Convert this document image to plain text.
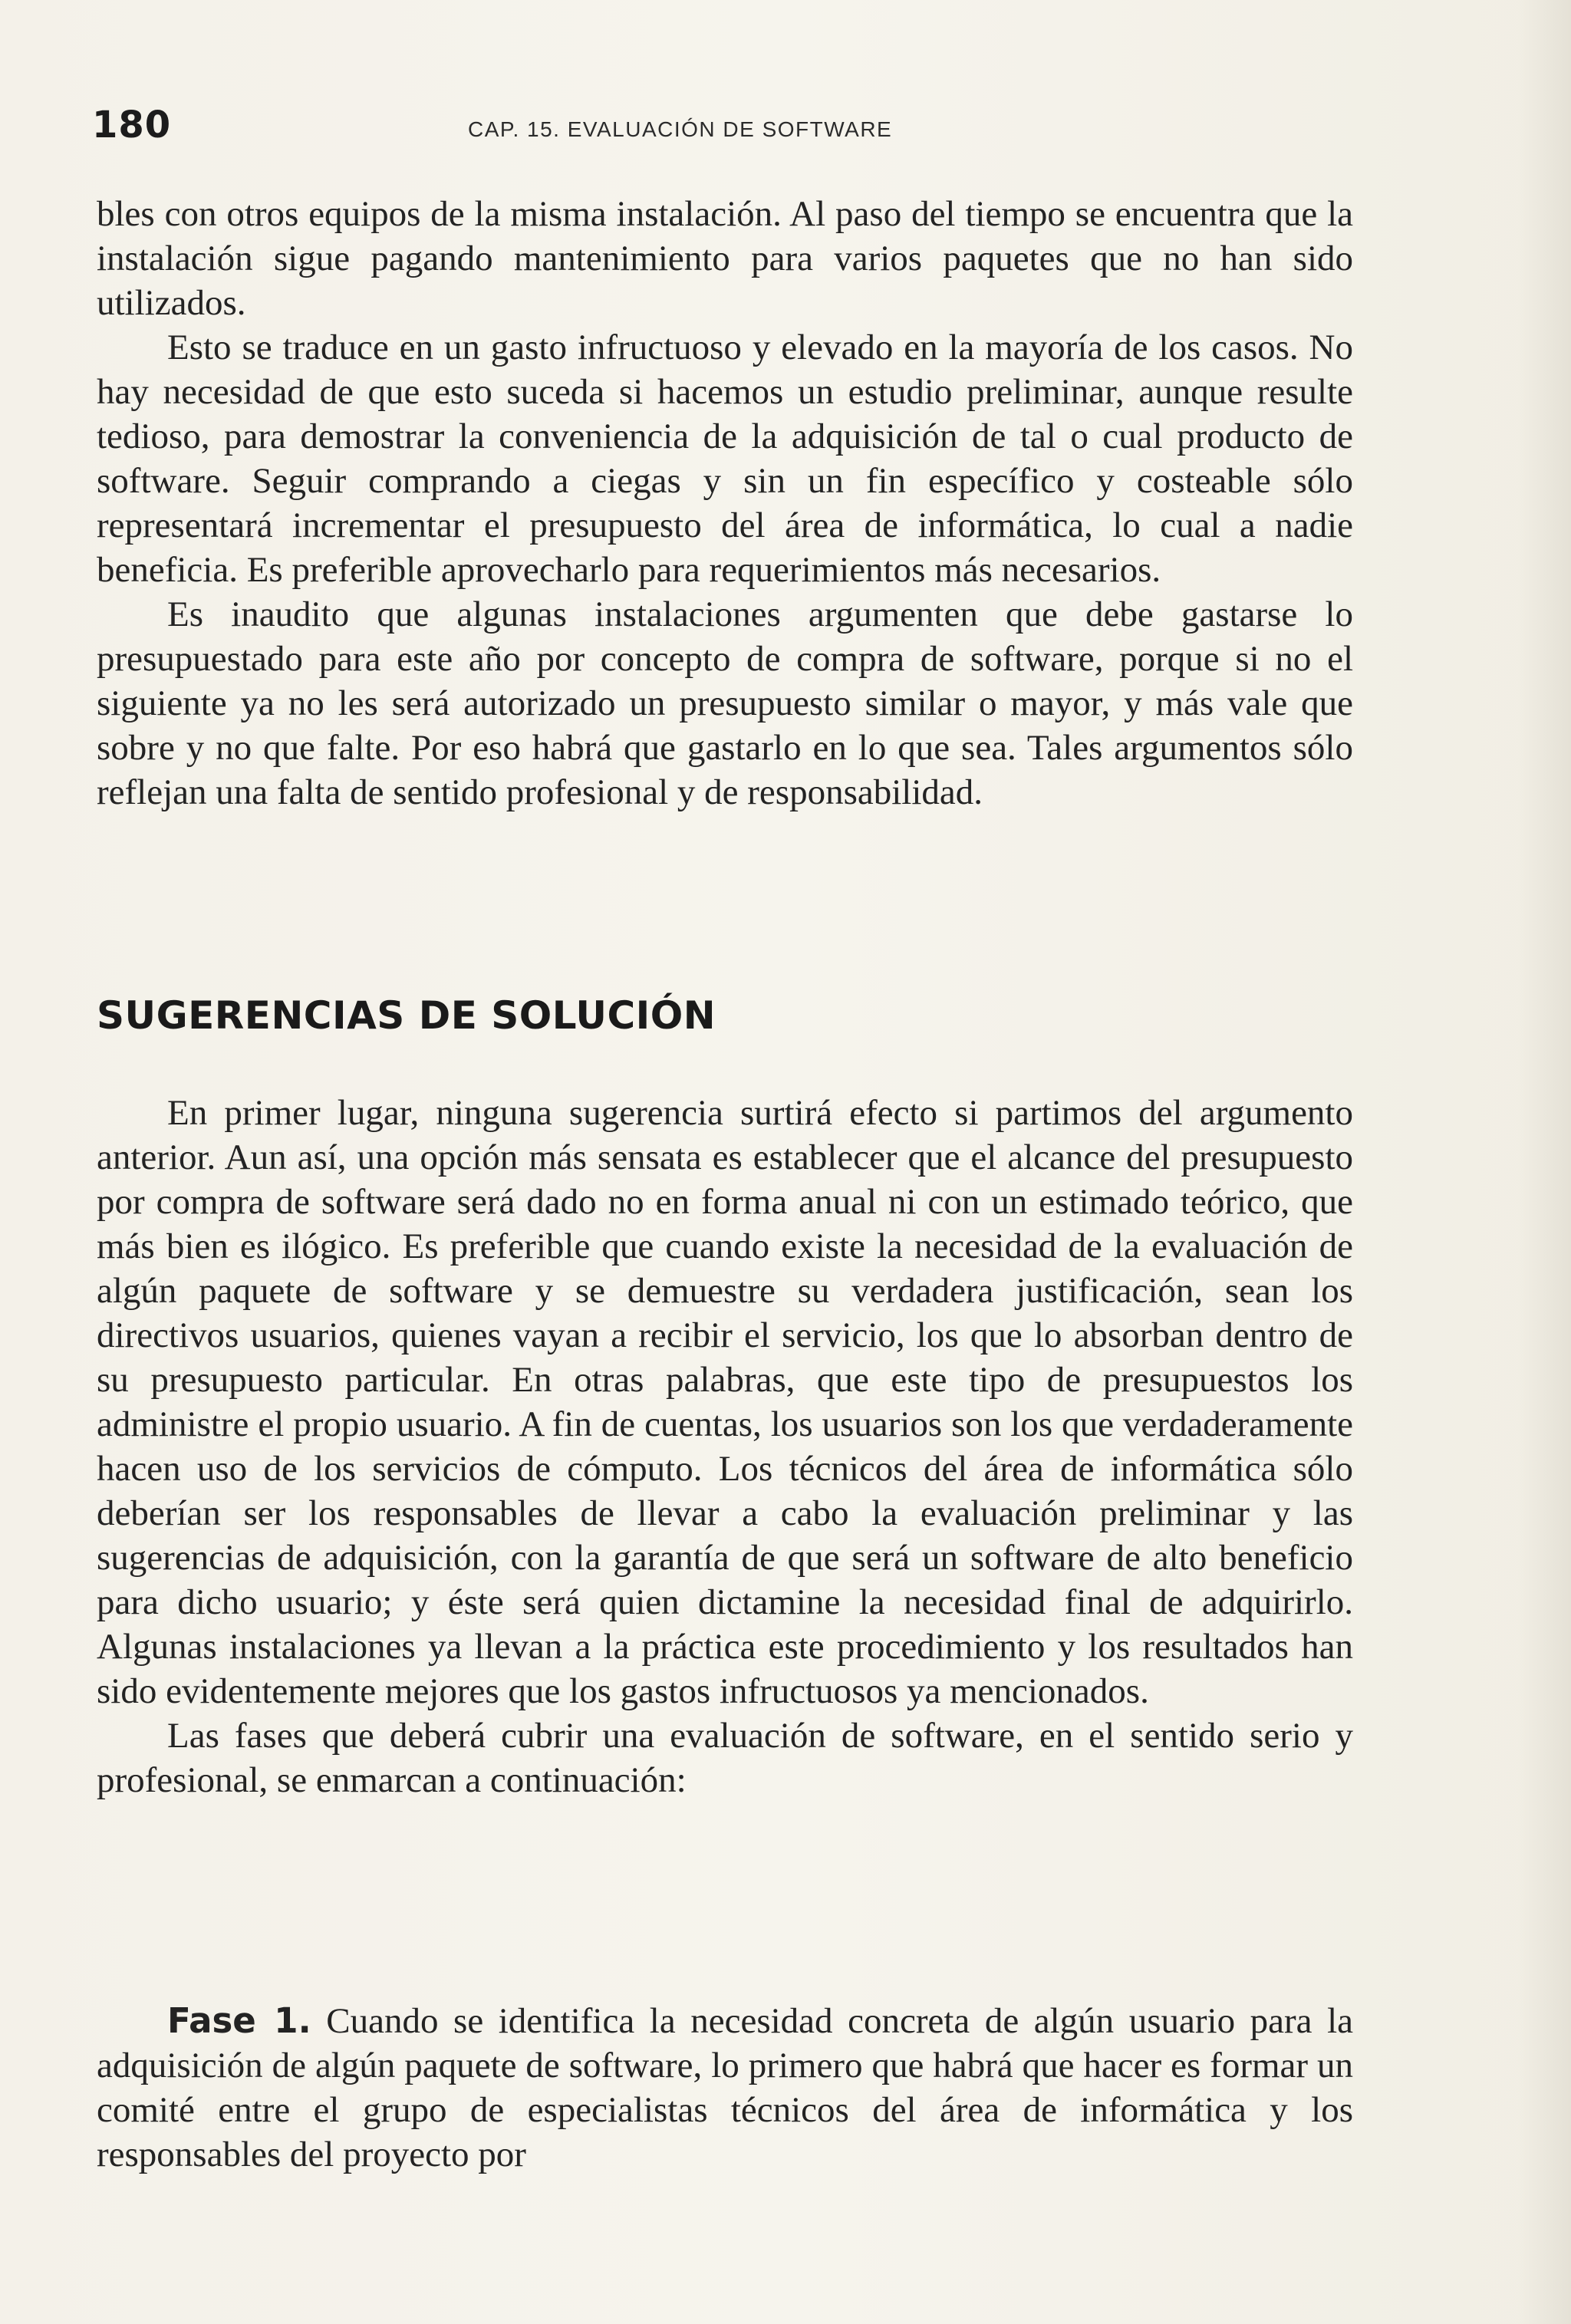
180	CAP. 15. EVALUACIÓN DE SOFTWARE

bles con otros equipos de la misma instalación. Al paso del tiempo se encuentra que la instalación sigue pagando mantenimiento para varios paquetes que no han sido utilizados.

Esto se traduce en un gasto infructuoso y elevado en la mayoría de los casos. No hay necesidad de que esto suceda si hacemos un estudio preliminar, aunque resulte tedioso, para demostrar la conveniencia de la adquisición de tal o cual producto de software. Seguir comprando a ciegas y sin un fin específico y costeable sólo representará incrementar el presupuesto del área de informática, lo cual a nadie beneficia. Es preferible aprovecharlo para requerimientos más necesarios.

Es inaudito que algunas instalaciones argumenten que debe gastarse lo presupuestado para este año por concepto de compra de software, porque si no el siguiente ya no les será autorizado un presupuesto similar o mayor, y más vale que sobre y no que falte. Por eso habrá que gastarlo en lo que sea. Tales argumentos sólo reflejan una falta de sentido profesional y de responsabilidad.

SUGERENCIAS DE SOLUCIÓN

En primer lugar, ninguna sugerencia surtirá efecto si partimos del argumento anterior. Aun así, una opción más sensata es establecer que el alcance del presupuesto por compra de software será dado no en forma anual ni con un estimado teórico, que más bien es ilógico. Es preferible que cuando existe la necesidad de la evaluación de algún paquete de software y se demuestre su verdadera justificación, sean los directivos usuarios, quienes vayan a recibir el servicio, los que lo absorban dentro de su presupuesto particular. En otras palabras, que este tipo de presupuestos los administre el propio usuario. A fin de cuentas, los usuarios son los que verdaderamente hacen uso de los servicios de cómputo. Los técnicos del área de informática sólo deberían ser los responsables de llevar a cabo la evaluación preliminar y las sugerencias de adquisición, con la garantía de que será un software de alto beneficio para dicho usuario; y éste será quien dictamine la necesidad final de adquirirlo. Algunas instalaciones ya llevan a la práctica este procedimiento y los resultados han sido evidentemente mejores que los gastos infructuosos ya mencionados.

Las fases que deberá cubrir una evaluación de software, en el sentido serio y profesional, se enmarcan a continuación:

Fase 1. Cuando se identifica la necesidad concreta de algún usuario para la adquisición de algún paquete de software, lo primero que habrá que hacer es formar un comité entre el grupo de especialistas técnicos del área de informática y los responsables del proyecto por
